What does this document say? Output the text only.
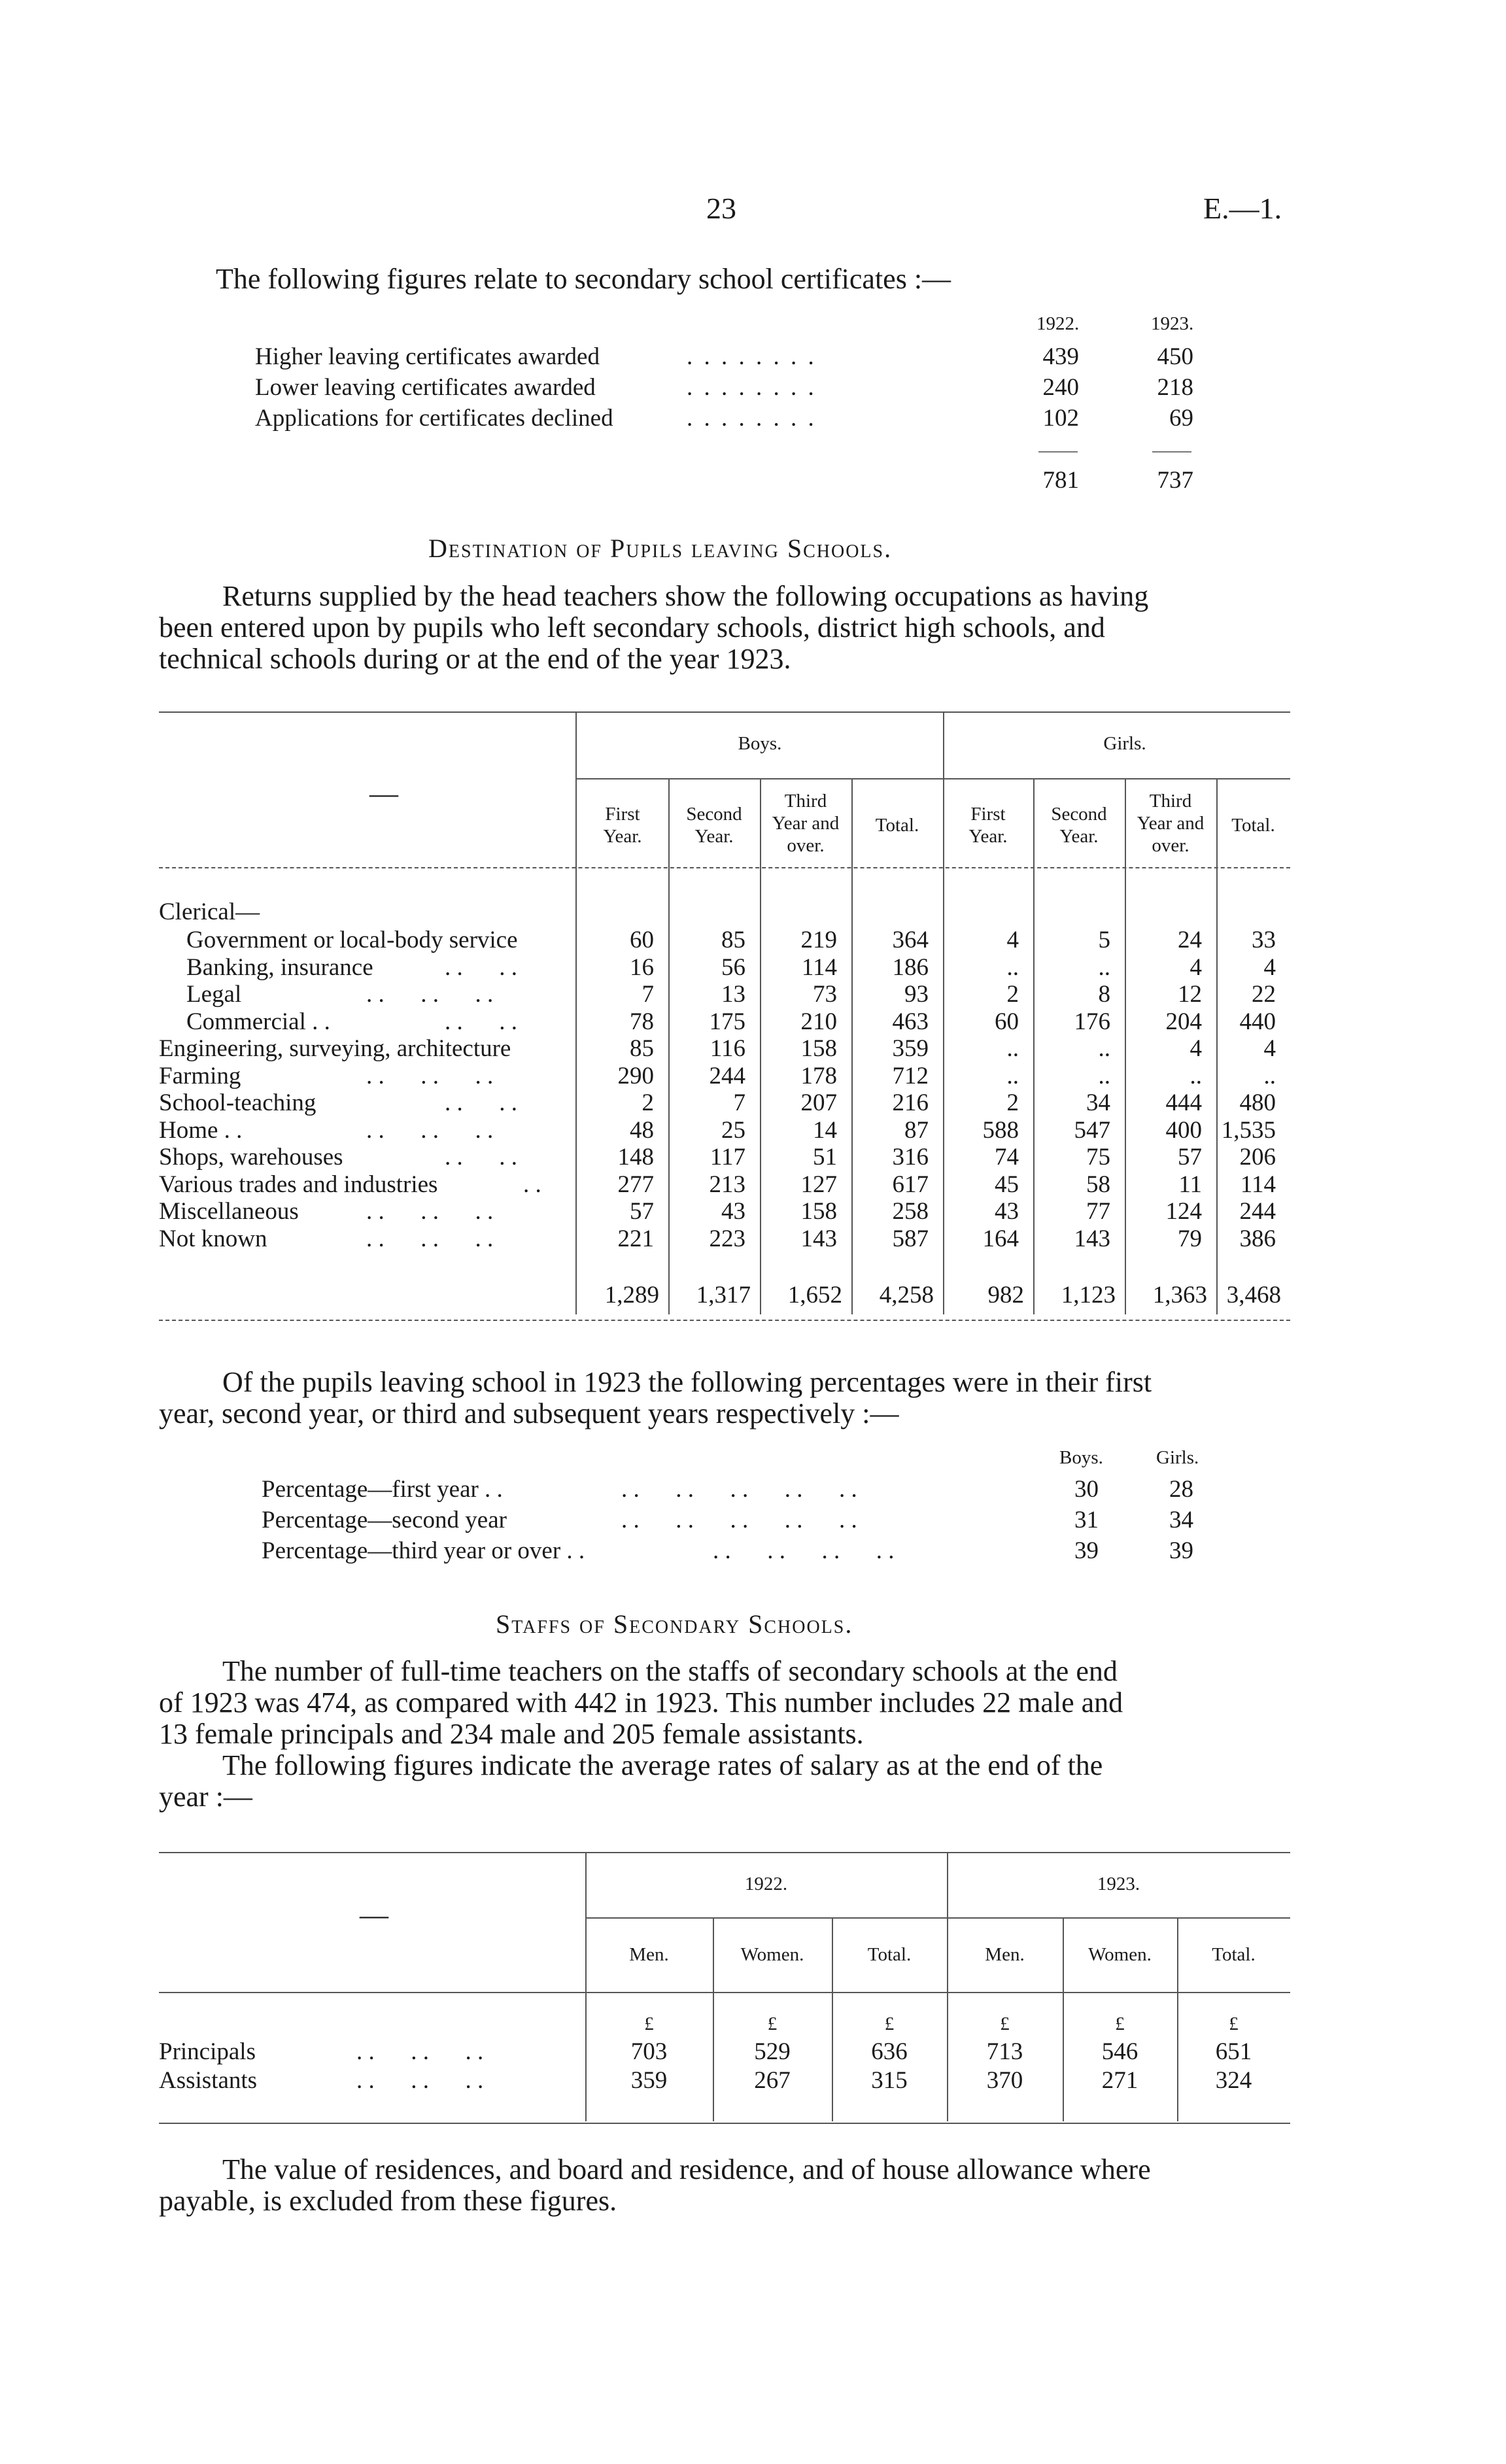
23	E.—1.
The following figures relate to secondary school certificates :—
1922.	1923.
Higher leaving certificates awarded	. . . . . . . .	439	450
Lower leaving certificates awarded	. . . . . . . .	240	218
Applications for certificates declined	. . . . . . . .	102	69
781	737
Destination of Pupils leaving Schools.
Returns supplied by the head teachers show the following occupations as having
been entered upon by pupils who left secondary schools, district high schools, and
technical schools during or at the end of the year 1923.
—
Boys.	Girls.
First
Year.
Second
Year.
Third
Year and
over.
Total.
First
Year.
Second
Year.
Third
Year and
over.
Total.
Clerical—
Government or local-body service	60	85	219	364	4	5	24	33
Banking, insurance	. .      . .	16	56	114	186	..	..	4	4
Legal	. .      . .      . .	7	13	73	93	2	8	12	22
Commercial . .	. .      . .	78	175	210	463	60	176	204	440
Engineering, surveying, architecture	85	116	158	359	..	..	4	4
Farming	. .      . .      . .	290	244	178	712	..	..	..	..
School-teaching	. .      . .	2	7	207	216	2	34	444	480
Home . .	. .      . .      . .	48	25	14	87	588	547	400 1,535
Shops, warehouses	. .      . .	148	117	51	316	74	75	57	206
Various trades and industries	. .	277	213	127	617	45	58	11	114
Miscellaneous	. .      . .      . .	57	43	158	258	43	77	124	244
Not known	. .      . .      . .	221	223	143	587	164	143	79	386
1,289	1,317	1,652	4,258	982	1,123	1,363 3,468
Of the pupils leaving school in 1923 the following percentages were in their first
year, second year, or third and subsequent years respectively :—
Boys.	Girls.
Percentage—first year . .	. .      . .      . .      . .      . .	30	28
Percentage—second year	. .      . .      . .      . .      . .	31	34
Percentage—third year or over . .	. .      . .      . .      . .	39	39
Staffs of Secondary Schools.
The number of full-time teachers on the staffs of secondary schools at the end
of 1923 was 474, as compared with 442 in 1923. This number includes 22 male and
13 female principals and 234 male and 205 female assistants.
The following figures indicate the average rates of salary as at the end of the
year :—
—
1922.	1923.
Men.	Women.	Total.	Men.	Women.	Total.
£	£	£	£	£	£
Principals	. .      . .      . .	703	529	636	713	546	651
Assistants	. .      . .      . .	359	267	315	370	271	324
The value of residences, and board and residence, and of house allowance where
payable, is excluded from these figures.
